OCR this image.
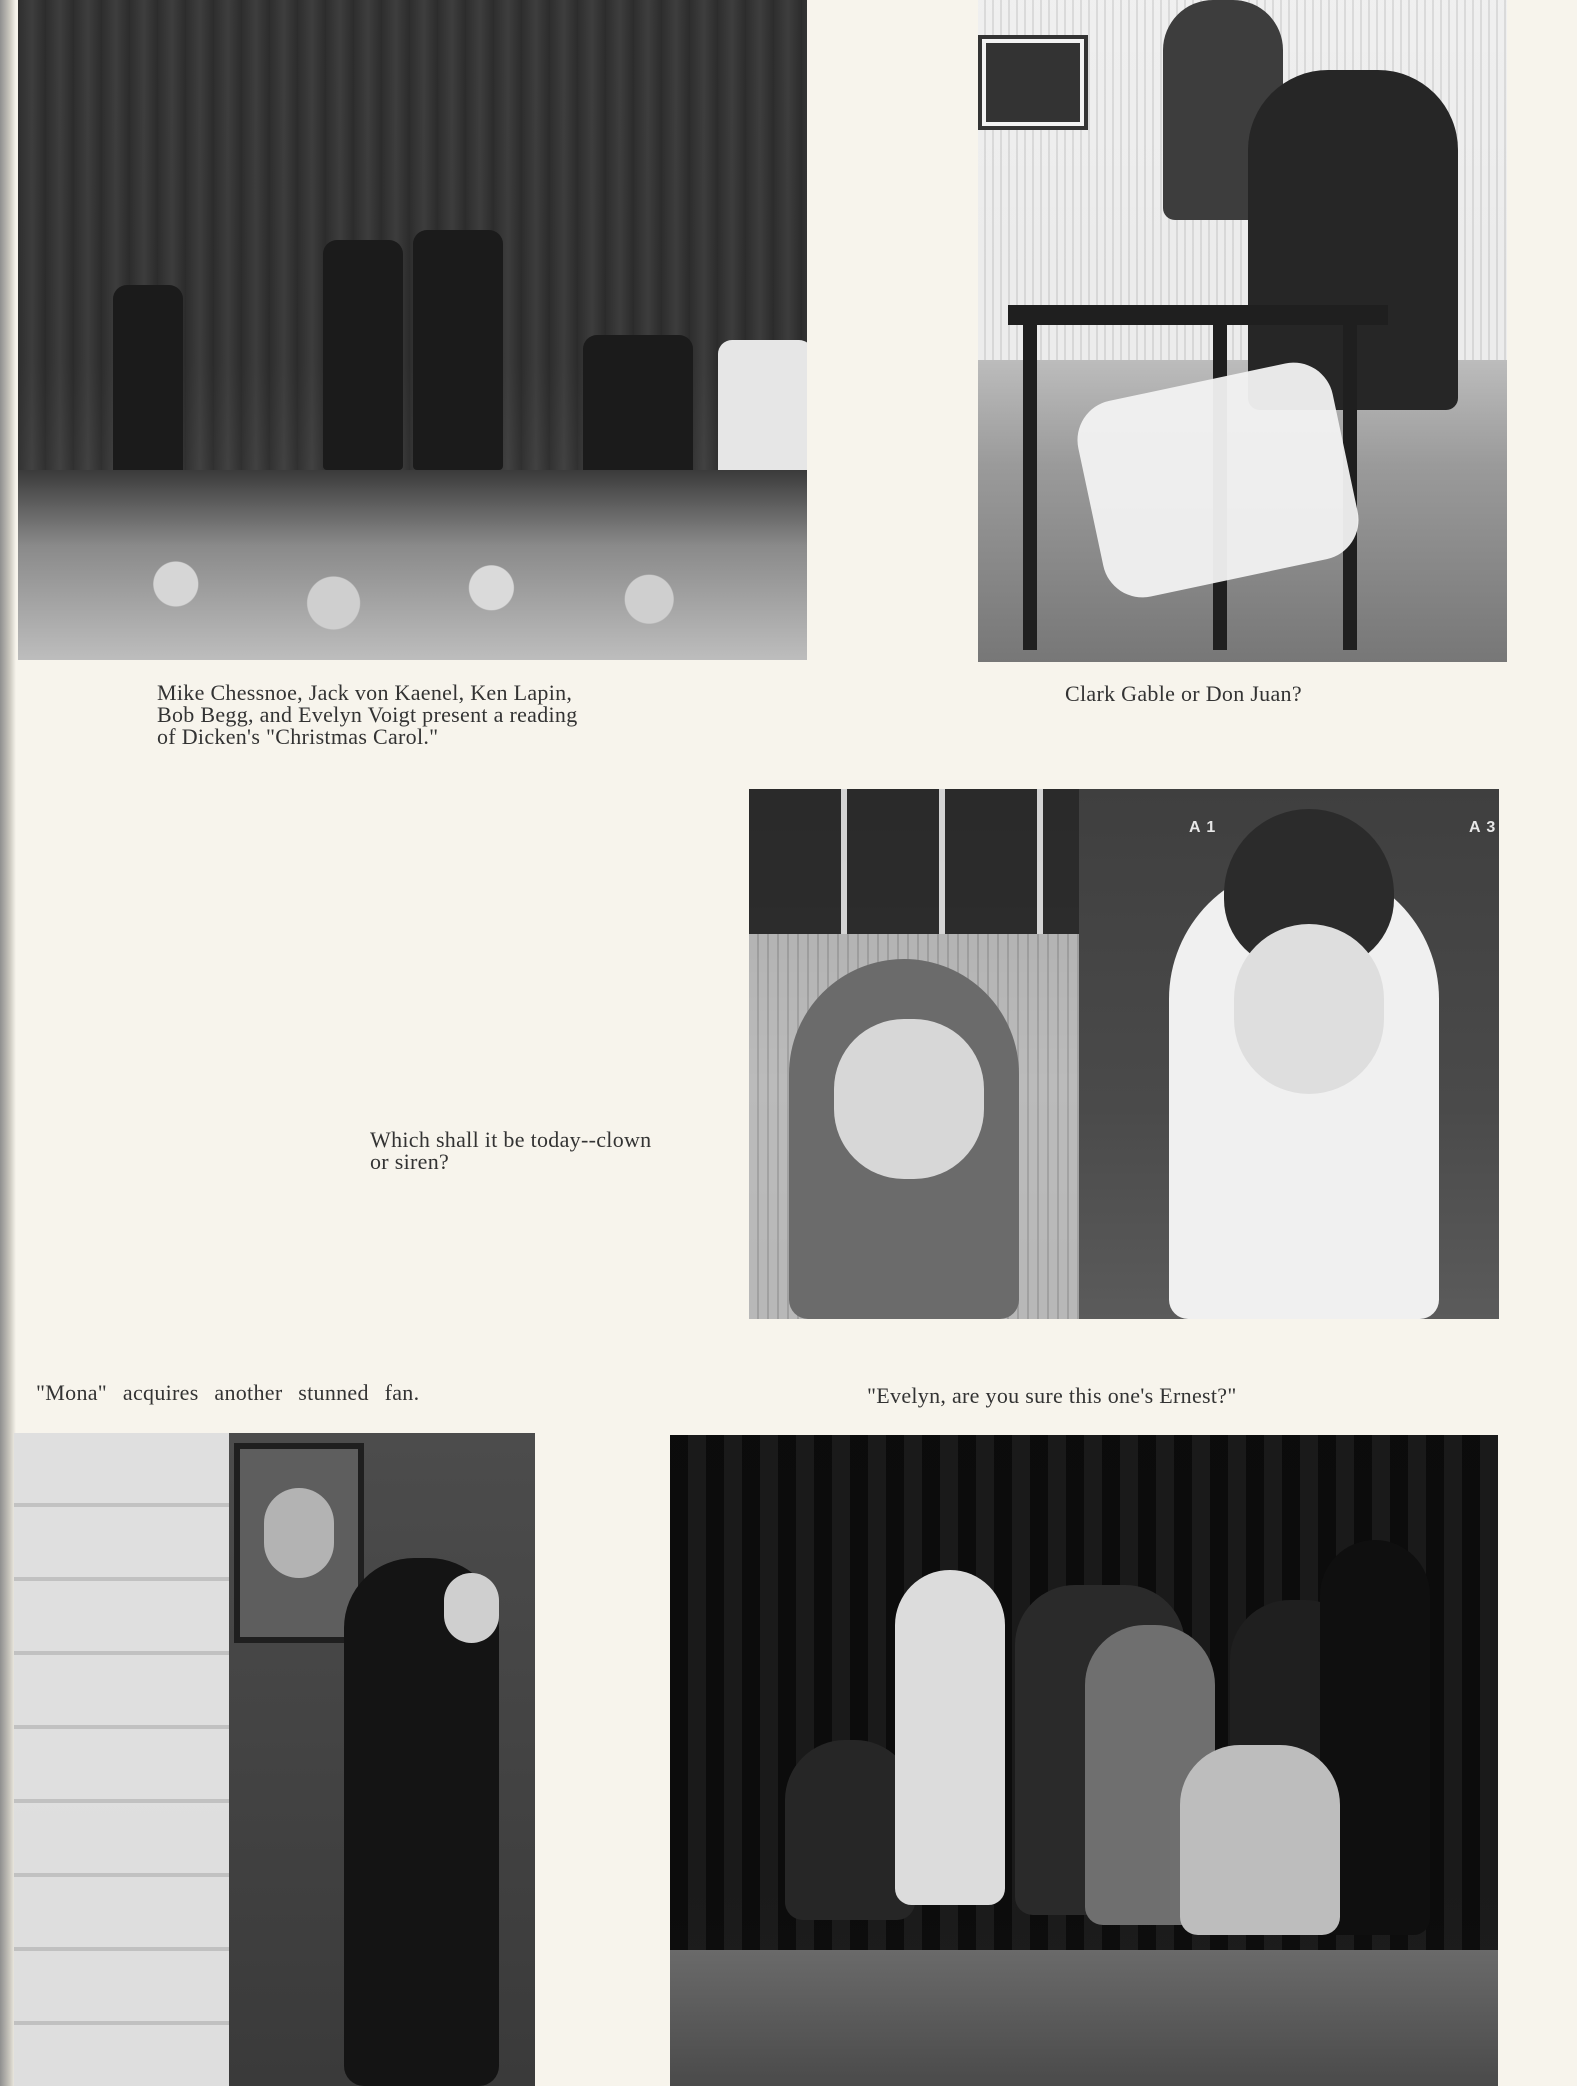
Mike Chessnoe, Jack von Kaenel, Ken Lapin,
Bob Begg, and Evelyn Voigt present a reading
of Dicken's "Christmas Carol."
Clark Gable or Don Juan?
Which shall it be today--clown
or siren?
A 1	A 3
"Mona" acquires another stunned fan.	"Evelyn, are you sure this one's Ernest?"
